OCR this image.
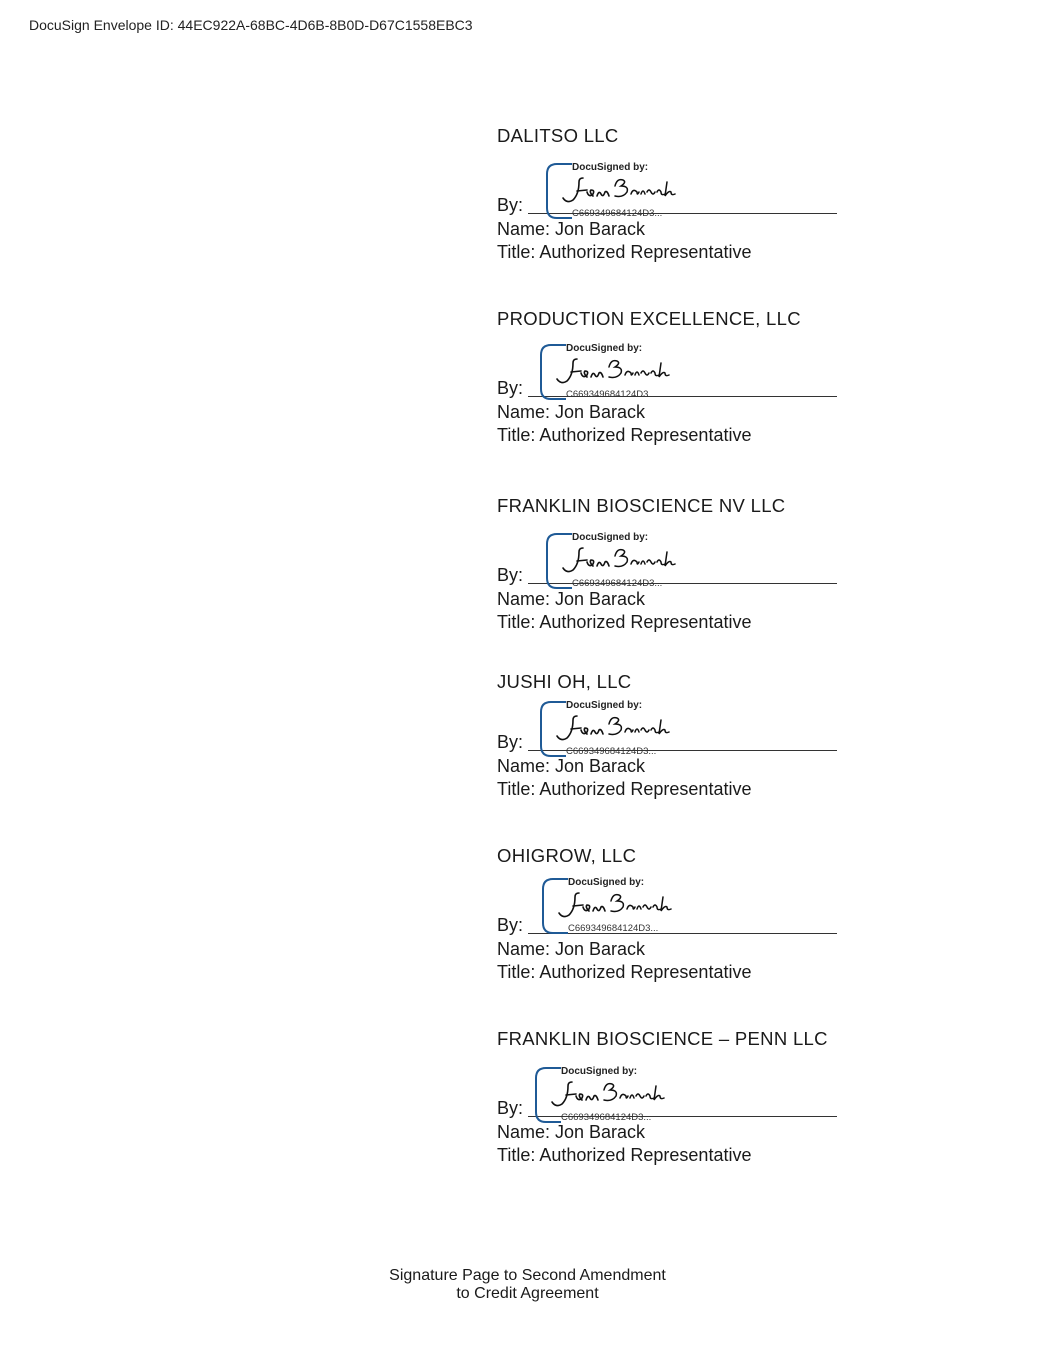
DocuSign Envelope ID: 44EC922A-68BC-4D6B-8B0D-D67C1558EBC3
DALITSO LLC
By:
DocuSigned by:
C669349684124D3...
Name: Jon Barack
Title: Authorized Representative
PRODUCTION EXCELLENCE, LLC
By:
DocuSigned by:
C669349684124D3...
Name: Jon Barack
Title: Authorized Representative
FRANKLIN BIOSCIENCE NV LLC
By:
DocuSigned by:
C669349684124D3...
Name: Jon Barack
Title: Authorized Representative
JUSHI OH, LLC
By:
DocuSigned by:
C669349684124D3...
Name: Jon Barack
Title: Authorized Representative
OHIGROW, LLC
By:
DocuSigned by:
C669349684124D3...
Name: Jon Barack
Title: Authorized Representative
FRANKLIN BIOSCIENCE – PENN LLC
By:
DocuSigned by:
C669349684124D3...
Name: Jon Barack
Title: Authorized Representative
Signature Page to Second Amendment
to Credit Agreement
